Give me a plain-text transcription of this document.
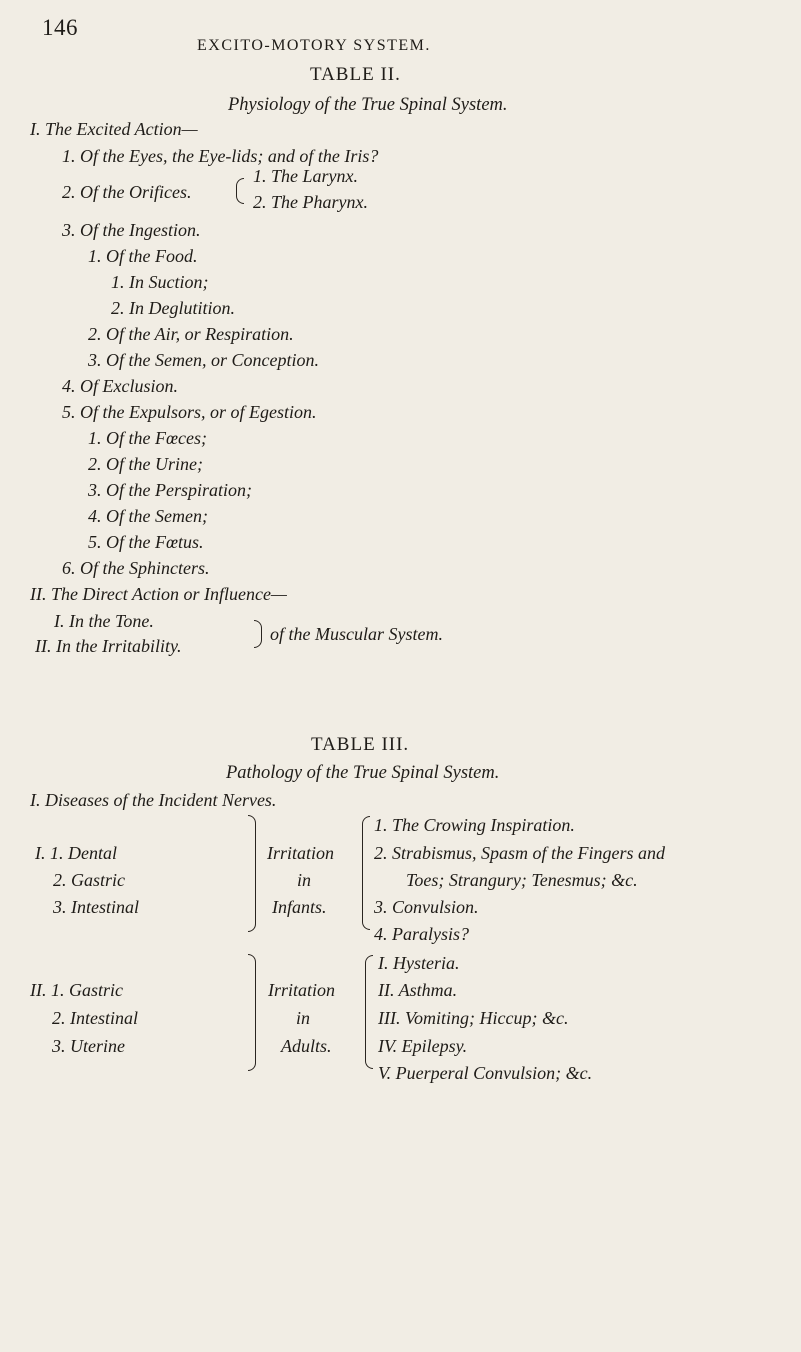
146
EXCITO-MOTORY SYSTEM.
TABLE II.
Physiology of the True Spinal System.
I. The Excited Action—
1. Of the Eyes, the Eye-lids; and of the Iris?
2. Of the Orifices.
1. The Larynx.
2. The Pharynx.
3. Of the Ingestion.
1. Of the Food.
1. In Suction;
2. In Deglutition.
2. Of the Air, or Respiration.
3. Of the Semen, or Conception.
4. Of Exclusion.
5. Of the Expulsors, or of Egestion.
1. Of the Fœces;
2. Of the Urine;
3. Of the Perspiration;
4. Of the Semen;
5. Of the Fœtus.
6. Of the Sphincters.
II. The Direct Action or Influence—
I. In the Tone.
II. In the Irritability.
of the Muscular System.
TABLE III.
Pathology of the True Spinal System.
I. Diseases of the Incident Nerves.
I. 1. Dental
2. Gastric
3. Intestinal
Irritation
in
Infants.
1. The Crowing Inspiration.
2. Strabismus, Spasm of the Fingers and
Toes; Strangury; Tenesmus; &c.
3. Convulsion.
4. Paralysis?
II. 1. Gastric
2. Intestinal
3. Uterine
Irritation
in
Adults.
I. Hysteria.
II. Asthma.
III. Vomiting; Hiccup; &c.
IV. Epilepsy.
V. Puerperal Convulsion; &c.
